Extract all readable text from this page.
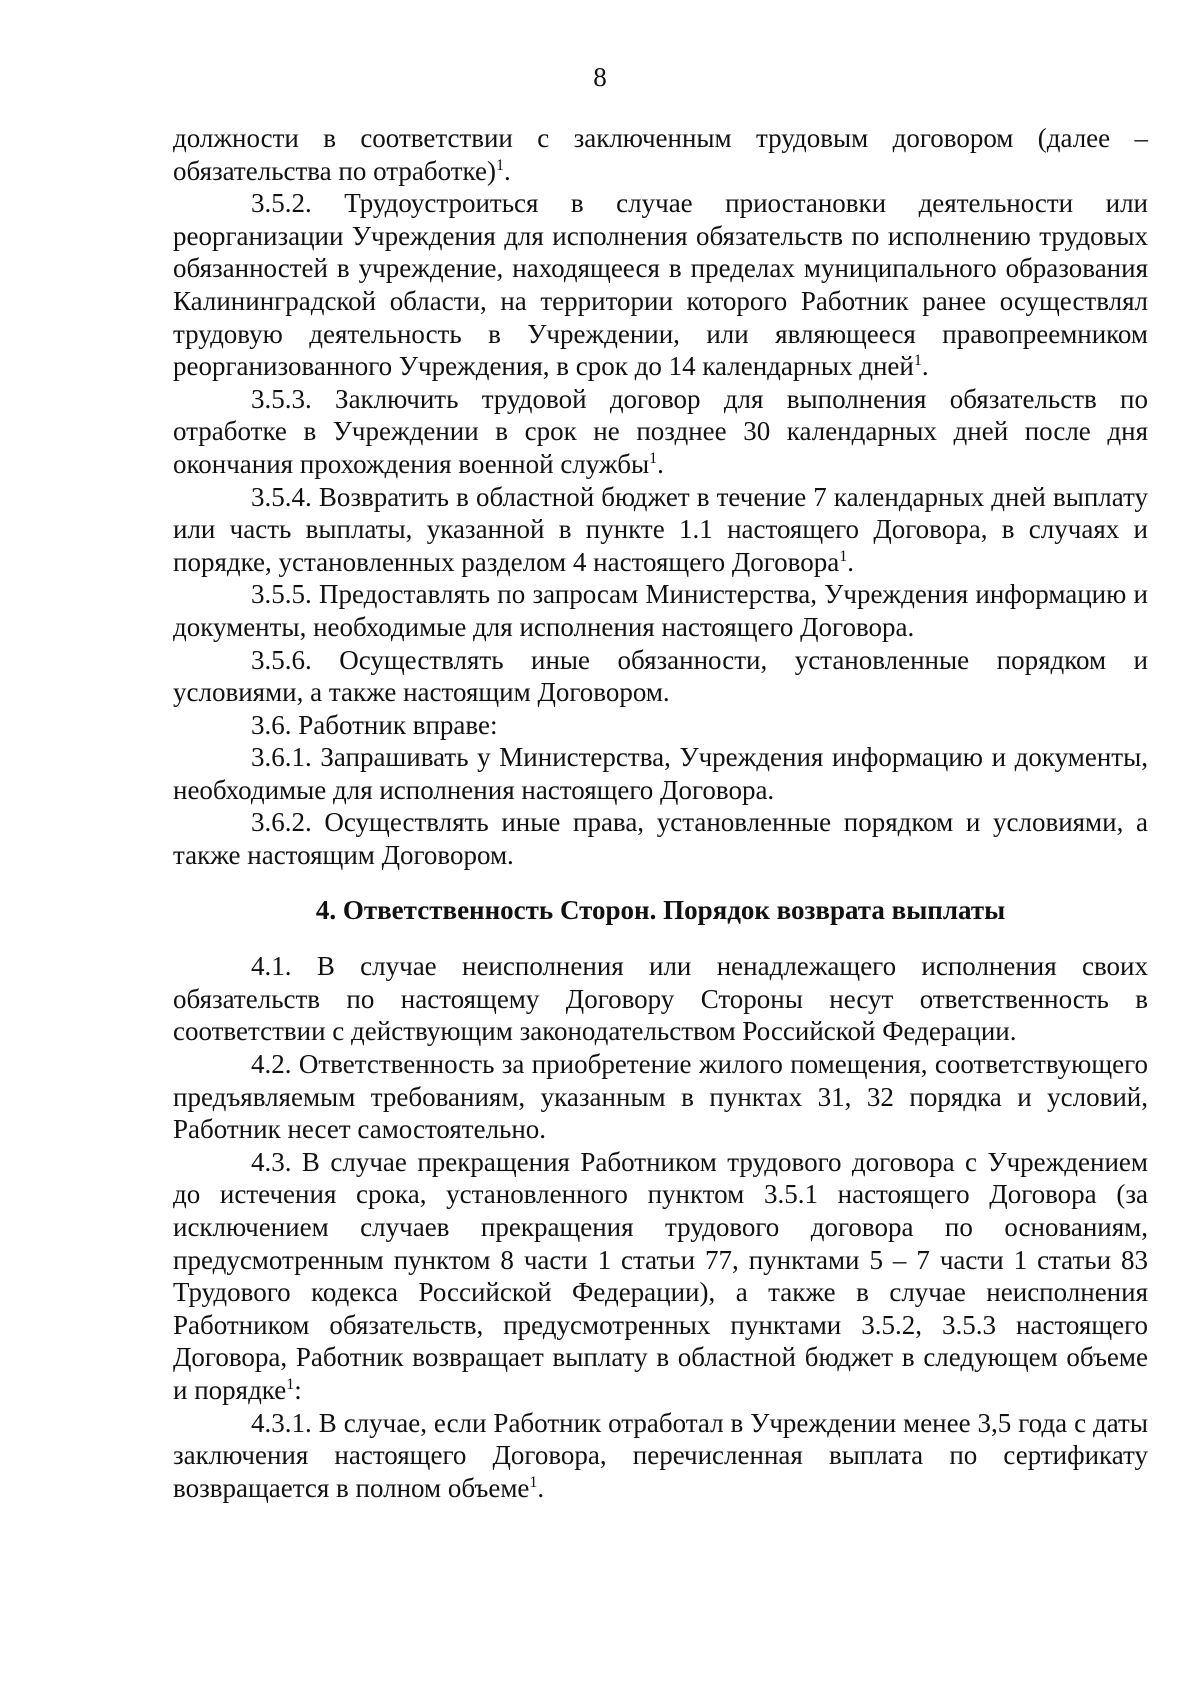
8

должности в соответствии с заключенным трудовым договором (далее – обязательства по отработке)$^1$.

3.5.2. Трудоустроиться в случае приостановки деятельности или реорганизации Учреждения для исполнения обязательств по исполнению трудовых обязанностей в учреждение, находящееся в пределах муниципального образования Калининградской области, на территории которого Работник ранее осуществлял трудовую деятельность в Учреждении, или являющееся правопреемником реорганизованного Учреждения, в срок до 14 календарных дней$^1$.

3.5.3. Заключить трудовой договор для выполнения обязательств по отработке в Учреждении в срок не позднее 30 календарных дней после дня окончания прохождения военной службы$^1$.

3.5.4. Возвратить в областной бюджет в течение 7 календарных дней выплату или часть выплаты, указанной в пункте 1.1 настоящего Договора, в случаях и порядке, установленных разделом 4 настоящего Договора$^1$.

3.5.5. Предоставлять по запросам Министерства, Учреждения информацию и документы, необходимые для исполнения настоящего Договора.

3.5.6. Осуществлять иные обязанности, установленные порядком и условиями, а также настоящим Договором.

3.6. Работник вправе:

3.6.1. Запрашивать у Министерства, Учреждения информацию и документы, необходимые для исполнения настоящего Договора.

3.6.2. Осуществлять иные права, установленные порядком и условиями, а также настоящим Договором.

4. Ответственность Сторон. Порядок возврата выплаты

4.1. В случае неисполнения или ненадлежащего исполнения своих обязательств по настоящему Договору Стороны несут ответственность в соответствии с действующим законодательством Российской Федерации.

4.2. Ответственность за приобретение жилого помещения, соответствующего предъявляемым требованиям, указанным в пунктах 31, 32 порядка и условий, Работник несет самостоятельно.

4.3. В случае прекращения Работником трудового договора с Учреждением до истечения срока, установленного пунктом 3.5.1 настоящего Договора (за исключением случаев прекращения трудового договора по основаниям, предусмотренным пунктом 8 части 1 статьи 77, пунктами 5 – 7 части 1 статьи 83 Трудового кодекса Российской Федерации), а также в случае неисполнения Работником обязательств, предусмотренных пунктами 3.5.2, 3.5.3 настоящего Договора, Работник возвращает выплату в областной бюджет в следующем объеме и порядке$^1$:

4.3.1. В случае, если Работник отработал в Учреждении менее 3,5 года с даты заключения настоящего Договора, перечисленная выплата по сертификату возвращается в полном объеме$^1$.
